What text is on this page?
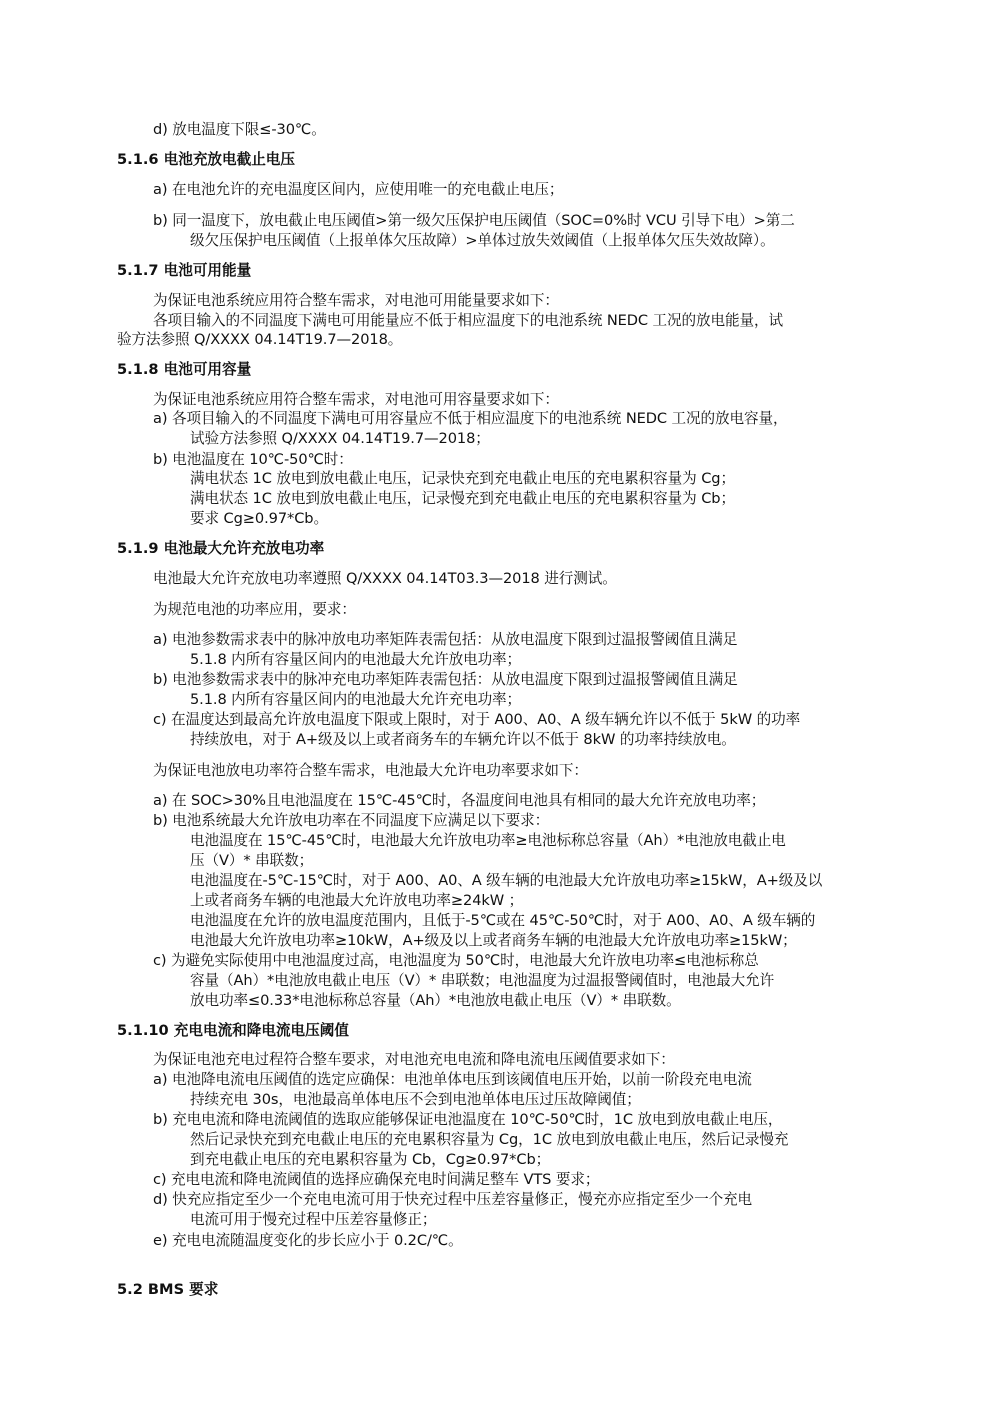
d) 放电温度下限≤-30℃。
5.1.6 电池充放电截止电压
a) 在电池允许的充电温度区间内，应使用唯一的充电截止电压；
b) 同一温度下，放电截止电压阈值>第一级欠压保护电压阈值（SOC=0%时 VCU 引导下电）>第二
级欠压保护电压阈值（上报单体欠压故障）>单体过放失效阈值（上报单体欠压失效故障）。
5.1.7 电池可用能量
为保证电池系统应用符合整车需求，对电池可用能量要求如下：
各项目输入的不同温度下满电可用能量应不低于相应温度下的电池系统 NEDC 工况的放电能量，试
验方法参照 Q/XXXX 04.14T19.7—2018。
5.1.8 电池可用容量
为保证电池系统应用符合整车需求，对电池可用容量要求如下：
a) 各项目输入的不同温度下满电可用容量应不低于相应温度下的电池系统 NEDC 工况的放电容量，
试验方法参照 Q/XXXX 04.14T19.7—2018；
b) 电池温度在 10℃-50℃时：
满电状态 1C 放电到放电截止电压，记录快充到充电截止电压的充电累积容量为 Cg；
满电状态 1C 放电到放电截止电压，记录慢充到充电截止电压的充电累积容量为 Cb；
要求 Cg≥0.97*Cb。
5.1.9 电池最大允许充放电功率
电池最大允许充放电功率遵照 Q/XXXX 04.14T03.3—2018 进行测试。
为规范电池的功率应用，要求：
a) 电池参数需求表中的脉冲放电功率矩阵表需包括：从放电温度下限到过温报警阈值且满足
5.1.8 内所有容量区间内的电池最大允许放电功率；
b) 电池参数需求表中的脉冲充电功率矩阵表需包括：从放电温度下限到过温报警阈值且满足
5.1.8 内所有容量区间内的电池最大允许充电功率；
c) 在温度达到最高允许放电温度下限或上限时，对于 A00、A0、A 级车辆允许以不低于 5kW 的功率
持续放电，对于 A+级及以上或者商务车的车辆允许以不低于 8kW 的功率持续放电。
为保证电池放电功率符合整车需求，电池最大允许电功率要求如下：
a) 在 SOC>30%且电池温度在 15℃-45℃时，各温度间电池具有相同的最大允许充放电功率；
b) 电池系统最大允许放电功率在不同温度下应满足以下要求：
电池温度在 15℃-45℃时，电池最大允许放电功率≥电池标称总容量（Ah）*电池放电截止电
压（V）* 串联数；
电池温度在-5℃-15℃时，对于 A00、A0、A 级车辆的电池最大允许放电功率≥15kW，A+级及以
上或者商务车辆的电池最大允许放电功率≥24kW ；
电池温度在允许的放电温度范围内，且低于-5℃或在 45℃-50℃时，对于 A00、A0、A 级车辆的
电池最大允许放电功率≥10kW，A+级及以上或者商务车辆的电池最大允许放电功率≥15kW；
c) 为避免实际使用中电池温度过高，电池温度为 50℃时，电池最大允许放电功率≤电池标称总
容量（Ah）*电池放电截止电压（V）* 串联数；电池温度为过温报警阈值时，电池最大允许
放电功率≤0.33*电池标称总容量（Ah）*电池放电截止电压（V）* 串联数。
5.1.10 充电电流和降电流电压阈值
为保证电池充电过程符合整车要求，对电池充电电流和降电流电压阈值要求如下：
a) 电池降电流电压阈值的选定应确保：电池单体电压到该阈值电压开始，以前一阶段充电电流
持续充电 30s，电池最高单体电压不会到电池单体电压过压故障阈值；
b) 充电电流和降电流阈值的选取应能够保证电池温度在 10℃-50℃时，1C 放电到放电截止电压，
然后记录快充到充电截止电压的充电累积容量为 Cg，1C 放电到放电截止电压，然后记录慢充
到充电截止电压的充电累积容量为 Cb，Cg≥0.97*Cb；
c) 充电电流和降电流阈值的选择应确保充电时间满足整车 VTS 要求；
d) 快充应指定至少一个充电电流可用于快充过程中压差容量修正，慢充亦应指定至少一个充电
电流可用于慢充过程中压差容量修正；
e) 充电电流随温度变化的步长应小于 0.2C/℃。
5.2 BMS 要求
